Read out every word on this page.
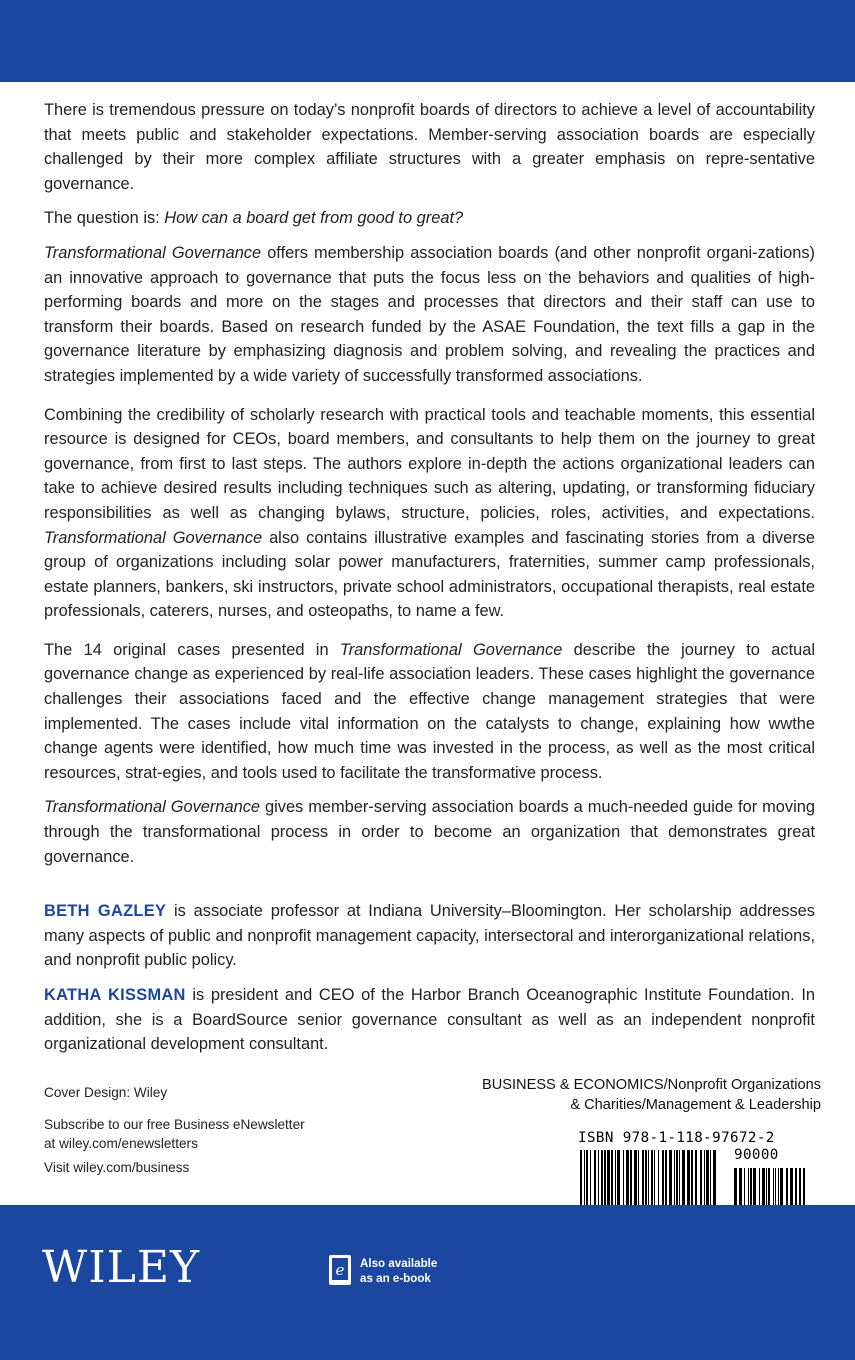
There is tremendous pressure on today’s nonprofit boards of directors to achieve a level of accountability that meets public and stakeholder expectations. Member-serving association boards are especially challenged by their more complex affiliate structures with a greater emphasis on repre-sentative governance.

The question is: How can a board get from good to great?

Transformational Governance offers membership association boards (and other nonprofit organi-zations) an innovative approach to governance that puts the focus less on the behaviors and qualities of high-performing boards and more on the stages and processes that directors and their staff can use to transform their boards. Based on research funded by the ASAE Foundation, the text fills a gap in the governance literature by emphasizing diagnosis and problem solving, and revealing the practices and strategies implemented by a wide variety of successfully transformed associations.

Combining the credibility of scholarly research with practical tools and teachable moments, this essential resource is designed for CEOs, board members, and consultants to help them on the journey to great governance, from first to last steps. The authors explore in-depth the actions organizational leaders can take to achieve desired results including techniques such as altering, updating, or transforming fiduciary responsibilities as well as changing bylaws, structure, policies, roles, activities, and expectations. Transformational Governance also contains illustrative examples and fascinating stories from a diverse group of organizations including solar power manufacturers, fraternities, summer camp professionals, estate planners, bankers, ski instructors, private school administrators, occupational therapists, real estate professionals, caterers, nurses, and osteopaths, to name a few.

The 14 original cases presented in Transformational Governance describe the journey to actual governance change as experienced by real-life association leaders. These cases highlight the governance challenges their associations faced and the effective change management strategies that were implemented. The cases include vital information on the catalysts to change, explaining how wwthe change agents were identified, how much time was invested in the process, as well as the most critical resources, strat-egies, and tools used to facilitate the transformative process.

Transformational Governance gives member-serving association boards a much-needed guide for moving through the transformational process in order to become an organization that demonstrates great governance.

BETH GAZLEY is associate professor at Indiana University–Bloomington. Her scholarship addresses many aspects of public and nonprofit management capacity, intersectoral and interorganizational relations, and nonprofit public policy.

KATHA KISSMAN is president and CEO of the Harbor Branch Oceanographic Institute Foundation. In addition, she is a BoardSource senior governance consultant as well as an independent nonprofit organizational development consultant.

Cover Design: Wiley
Subscribe to our free Business eNewsletter
at wiley.com/enewsletters
Visit wiley.com/business
BUSINESS & ECONOMICS/Nonprofit Organizations
& Charities/Management & Leadership
ISBN 978-1-118-97672-2
90000
WILEY	e Also available
as an e-book
